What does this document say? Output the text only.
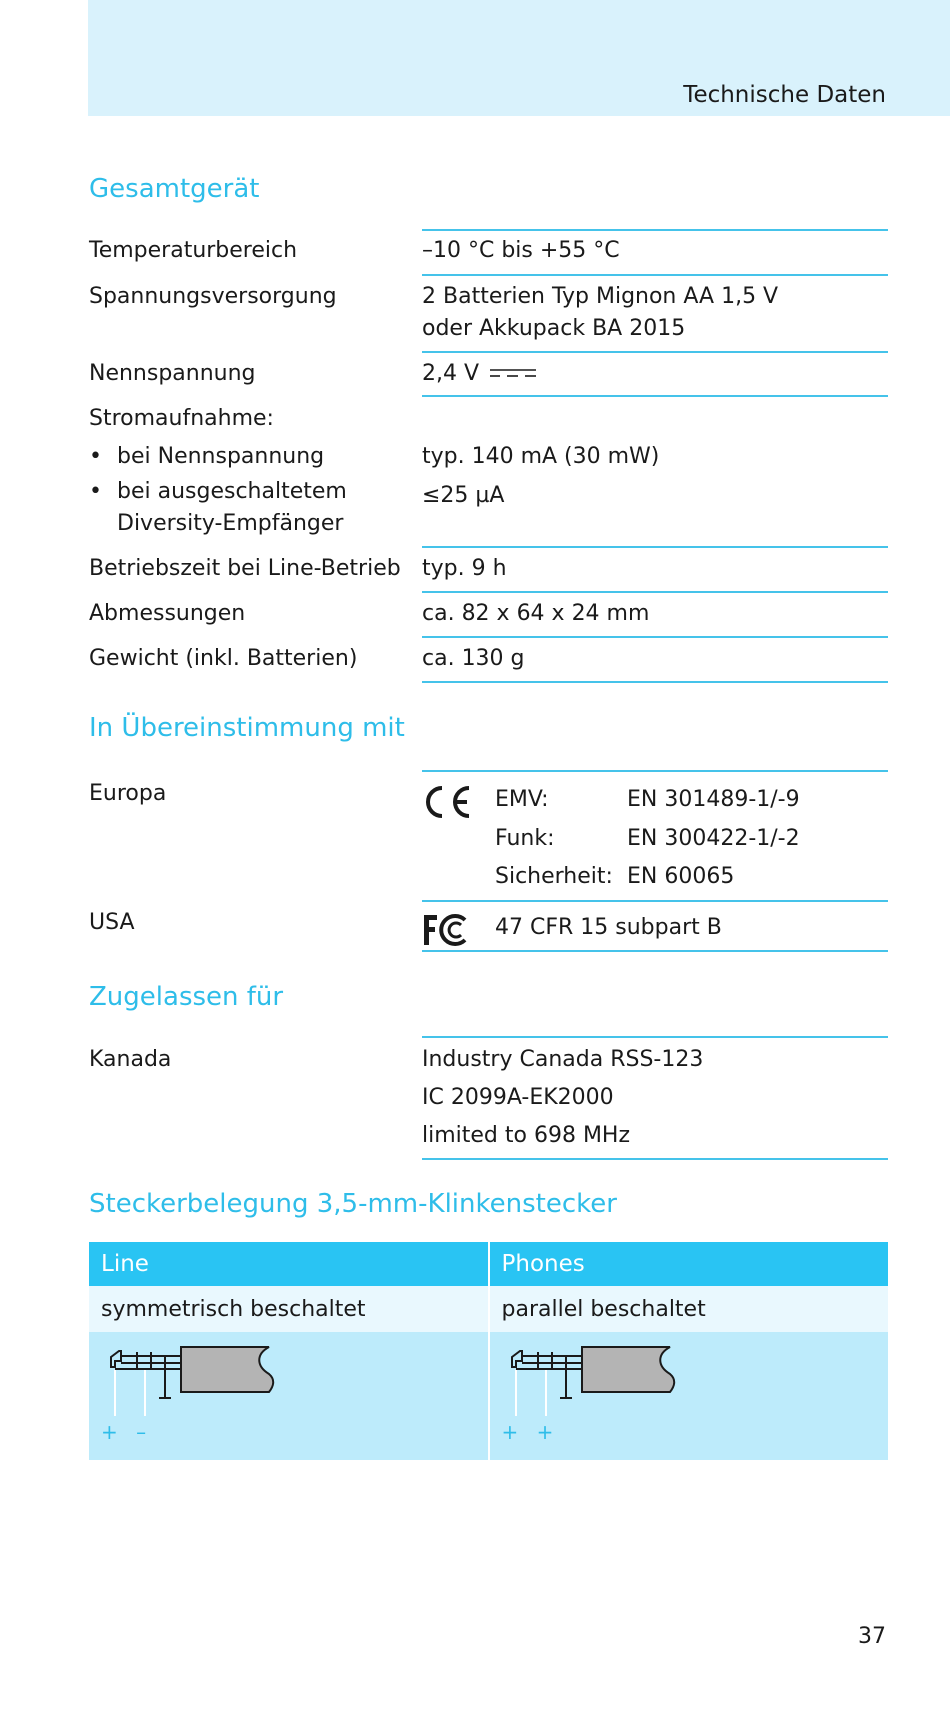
Technische Daten
Gesamtgerät
Temperaturbereich	–10 °C bis +55 °C
Spannungsversorgung	2 Batterien Typ Mignon AA 1,5 V
oder Akkupack BA 2015
Nennspannung	2,4 V
Stromaufnahme:
• bei Nennspannung	typ. 140 mA (30 mW)
• bei ausgeschaltetem
Diversity-Empfänger
≤25 µA
Betriebszeit bei Line-Betrieb typ. 9 h
Abmessungen	ca. 82 x 64 x 24 mm
Gewicht (inkl. Batterien)	ca. 130 g
In Übereinstimmung mit
Europa	EMV:	EN 301489-1/-9
Funk:	EN 300422-1/-2
Sicherheit: EN 60065
USA	47 CFR 15 subpart B
Zugelassen für
Kanada	Industry Canada RSS-123
IC 2099A-EK2000
limited to 698 MHz
Steckerbelegung 3,5-mm-Klinkenstecker
Line	Phones
symmetrisch beschaltet	parallel beschaltet

+ –	+ +
37
